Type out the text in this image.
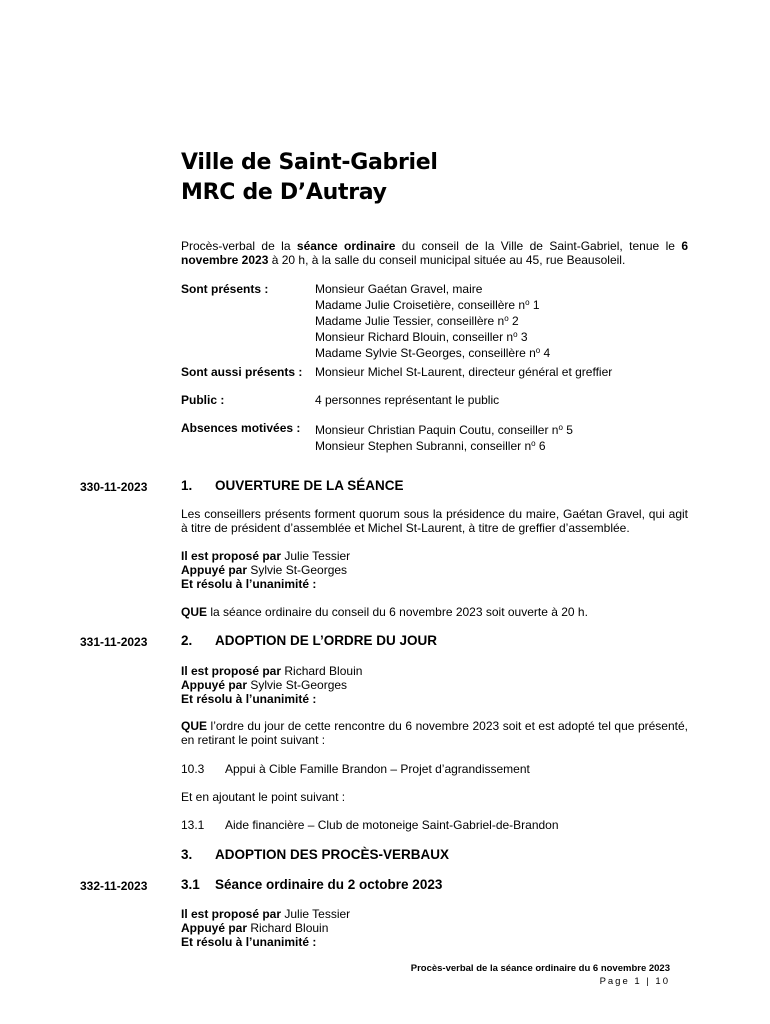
Ville de Saint-Gabriel
MRC de D’Autray

Procès-verbal de la séance ordinaire du conseil de la Ville de Saint-Gabriel, tenue le 6 novembre 2023 à 20 h, à la salle du conseil municipal située au 45, rue Beausoleil.

Sont présents :	Monsieur Gaétan Gravel, maire
Madame Julie Croisetière, conseillère $n^o$ 1
Madame Julie Tessier, conseillère $n^o$ 2
Monsieur Richard Blouin, conseiller $n^o$ 3
Madame Sylvie St-Georges, conseillère $n^o$ 4
Sont aussi présents : Monsieur Michel St-Laurent, directeur général et greffier
Public :	4 personnes représentant le public
Absences motivées : Monsieur Christian Paquin Coutu, conseiller $n^o$ 5
Monsieur Stephen Subranni, conseiller $n^o$ 6
330-11-2023 1. OUVERTURE DE LA SÉANCE

Les conseillers présents forment quorum sous la présidence du maire, Gaétan Gravel, qui agit à titre de président d’assemblée et Michel St-Laurent, à titre de greffier d’assemblée.

Il est proposé par Julie Tessier
Appuyé par Sylvie St-Georges
Et résolu à l’unanimité :

QUE la séance ordinaire du conseil du 6 novembre 2023 soit ouverte à 20 h.

331-11-2023 2. ADOPTION DE L’ORDRE DU JOUR
Il est proposé par Richard Blouin
Appuyé par Sylvie St-Georges
Et résolu à l’unanimité :

QUE l’ordre du jour de cette rencontre du 6 novembre 2023 soit et est adopté tel que présenté, en retirant le point suivant :

10.3 Appui à Cible Famille Brandon – Projet d’agrandissement
Et en ajoutant le point suivant :
13.1 Aide financière – Club de motoneige Saint-Gabriel-de-Brandon
3. ADOPTION DES PROCÈS-VERBAUX
332-11-2023 3.1 Séance ordinaire du 2 octobre 2023
Il est proposé par Julie Tessier
Appuyé par Richard Blouin
Et résolu à l’unanimité :
Procès-verbal de la séance ordinaire du 6 novembre 2023
Page 1 | 10
